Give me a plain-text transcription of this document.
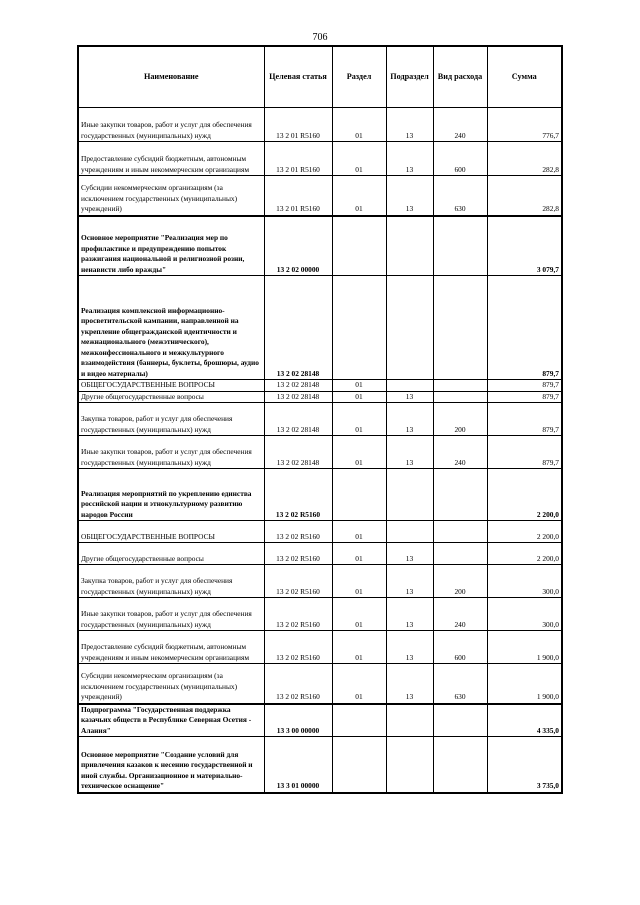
706
Наименование	Целевая статья	Раздел	Подраздел	Вид расхода	Сумма
Иные закупки товаров, работ и услуг для обеспечения государственных (муниципальных) нужд	13 2 01 R5160	01	13	240	776,7
Предоставление субсидий бюджетным, автономным учреждениям и иным некоммерческим организациям	13 2 01 R5160	01	13	600	282,8
Субсидии некоммерческим организациям (за исключением государственных (муниципальных) учреждений)	13 2 01 R5160	01	13	630	282,8
Основное мероприятие "Реализация мер по профилактике и предупреждению попыток разжигания национальной и религиозной розни, ненависти либо вражды"	13 2 02 00000				3 079,7
Реализация комплексной информационно-просветительской кампании, направленной на укрепление общегражданской идентичности и межнационального (межэтнического), межконфессионального и межкультурного взаимодействия (баннеры, буклеты, брошюры, аудио и видео материалы)	13 2 02 28148				879,7
ОБЩЕГОСУДАРСТВЕННЫЕ ВОПРОСЫ	13 2 02 28148	01			879,7
Другие общегосударственные вопросы	13 2 02 28148	01	13		879,7
Закупка товаров, работ и услуг для обеспечения государственных (муниципальных) нужд	13 2 02 28148	01	13	200	879,7
Иные закупки товаров, работ и услуг для обеспечения государственных (муниципальных) нужд	13 2 02 28148	01	13	240	879,7
Реализация мероприятий по укреплению единства российской нации и этнокультурному развитию народов России	13 2 02 R5160				2 200,0
ОБЩЕГОСУДАРСТВЕННЫЕ ВОПРОСЫ	13 2 02 R5160	01			2 200,0
Другие общегосударственные вопросы	13 2 02 R5160	01	13		2 200,0
Закупка товаров, работ и услуг для обеспечения государственных (муниципальных) нужд	13 2 02 R5160	01	13	200	300,0
Иные закупки товаров, работ и услуг для обеспечения государственных (муниципальных) нужд	13 2 02 R5160	01	13	240	300,0
Предоставление субсидий бюджетным, автономным учреждениям и иным некоммерческим организациям	13 2 02 R5160	01	13	600	1 900,0
Субсидии некоммерческим организациям (за исключением государственных (муниципальных) учреждений)	13 2 02 R5160	01	13	630	1 900,0
Подпрограмма "Государственная поддержка казачьих обществ в Республике Северная Осетия - Алания"	13 3 00 00000				4 335,0
Основное мероприятие "Создание условий для привлечения казаков к несению государственной и иной службы. Организационное и материально-техническое оснащение"	13 3 01 00000				3 735,0
